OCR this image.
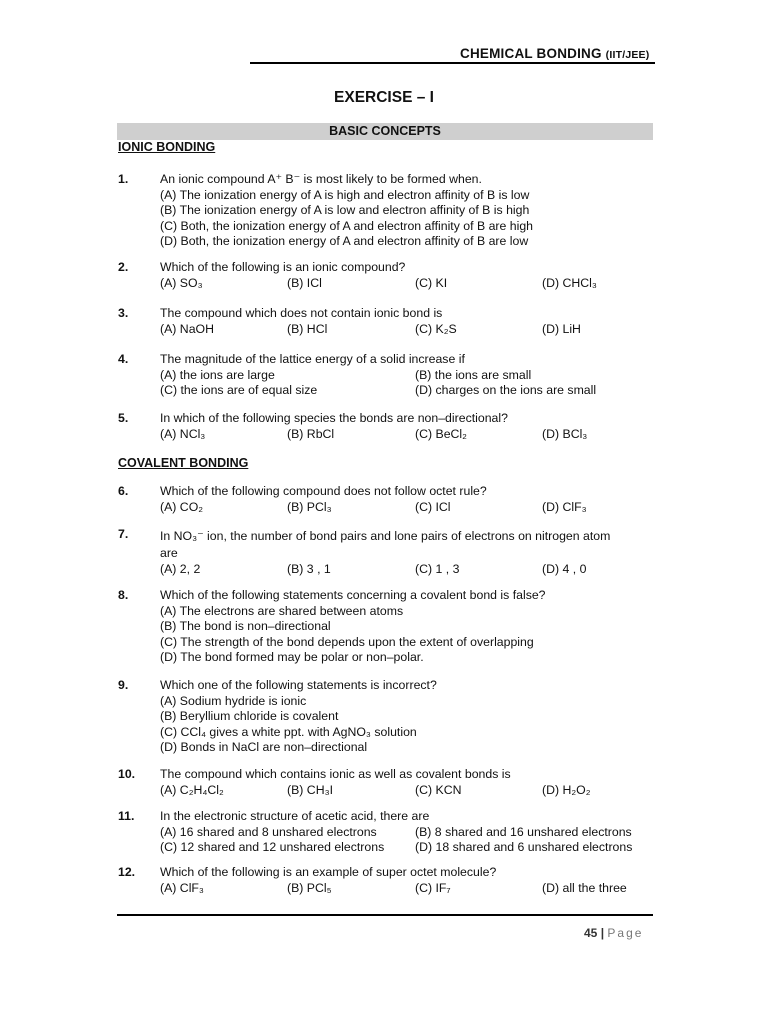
CHEMICAL BONDING (IIT/JEE)
EXERCISE – I
BASIC CONCEPTS
IONIC BONDING
1.	An ionic compound A⁺ B⁻ is most likely to be formed when.
(A) The ionization energy of A is high and electron affinity of B is low
(B) The ionization energy of A is low and electron affinity of B is high
(C) Both, the ionization energy of A and electron affinity of B are high
(D) Both, the ionization energy of A and electron affinity of B are low
2.	Which of the following is an ionic compound?
(A) SO₃	(B) ICl	(C) KI	(D) CHCl₃
3.	The compound which does not contain ionic bond is
(A) NaOH	(B) HCl	(C) K₂S	(D) LiH
4.	The magnitude of the lattice energy of a solid increase if
(A) the ions are large	(B) the ions are small
(C) the ions are of equal size	(D) charges on the ions are small
5.	In which of the following species the bonds are non–directional?
(A) NCl₃	(B) RbCl	(C) BeCl₂	(D) BCl₃
COVALENT BONDING
6.	Which of the following compound does not follow octet rule?
(A) CO₂	(B) PCl₃	(C) ICl	(D) ClF₃
7.	In NO₃⁻ ion, the number of bond pairs and lone pairs of electrons on nitrogen atom
are
(A) 2, 2	(B) 3 , 1	(C) 1 , 3	(D) 4 , 0
8.	Which of the following statements concerning a covalent bond is false?
(A) The electrons are shared between atoms
(B) The bond is non–directional
(C) The strength of the bond depends upon the extent of overlapping
(D) The bond formed may be polar or non–polar.
9.	Which one of the following statements is incorrect?
(A) Sodium hydride is ionic
(B) Beryllium chloride is covalent
(C) CCl₄ gives a white ppt. with AgNO₃ solution
(D) Bonds in NaCl are non–directional
10. The compound which contains ionic as well as covalent bonds is
(A) C₂H₄Cl₂	(B) CH₃I	(C) KCN	(D) H₂O₂
11. In the electronic structure of acetic acid, there are
(A) 16 shared and 8 unshared electrons	(B) 8 shared and 16 unshared electrons
(C) 12 shared and 12 unshared electrons	(D) 18 shared and 6 unshared electrons
12. Which of the following is an example of super octet molecule?
(A) ClF₃	(B) PCl₅	(C) IF₇	(D) all the three
45 | Page
